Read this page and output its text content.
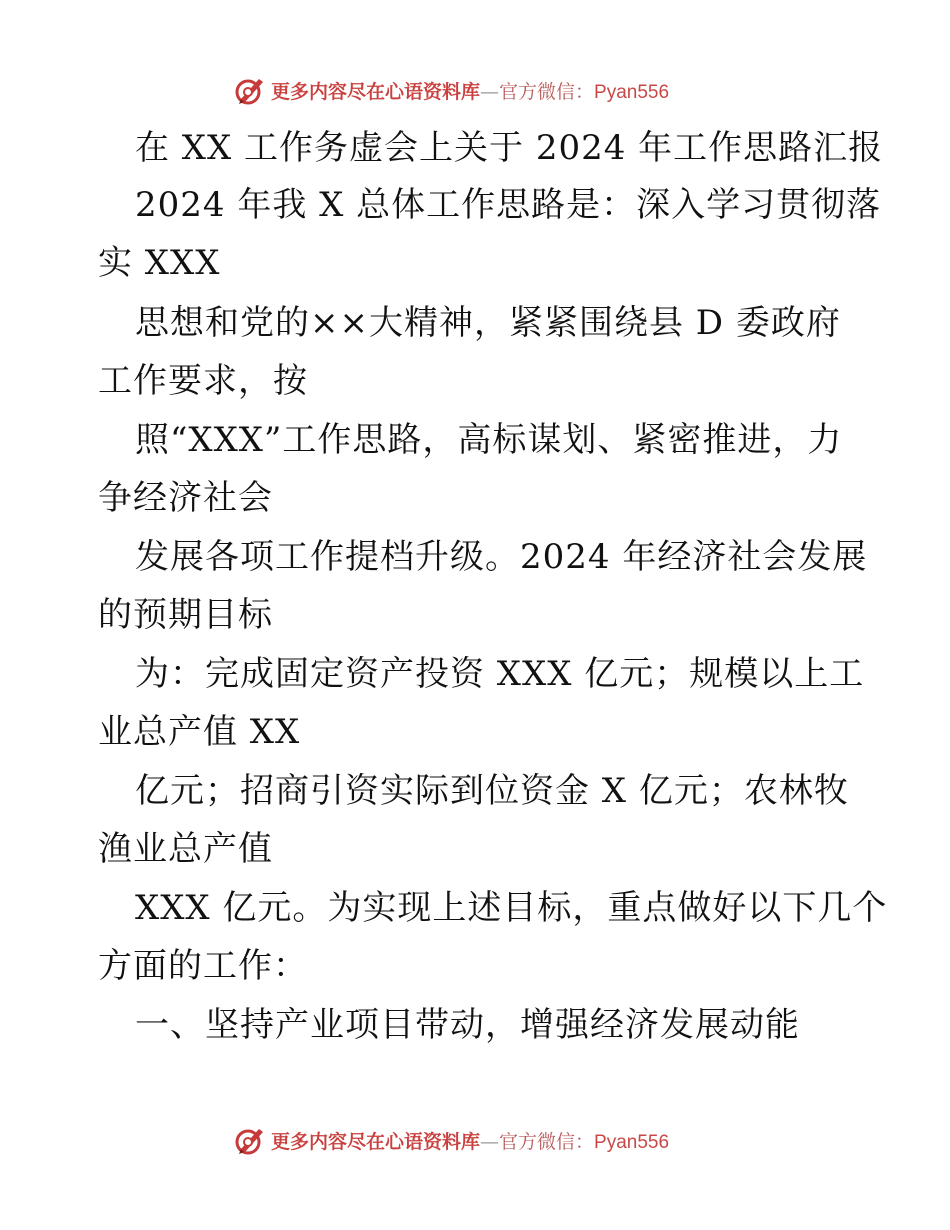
更多内容尽在心语资料库—官方微信：Pyan556
在 XX 工作务虚会上关于 2024 年工作思路汇报
2024 年我 X 总体工作思路是：深入学习贯彻落
实 XXX
思想和党的××大精神，紧紧围绕县 D 委政府
工作要求，按
照“XXX”工作思路，高标谋划、紧密推进，力
争经济社会
发展各项工作提档升级。2024 年经济社会发展
的预期目标
为：完成固定资产投资 XXX 亿元；规模以上工
业总产值 XX
亿元；招商引资实际到位资金 X 亿元；农林牧
渔业总产值
XXX 亿元。为实现上述目标，重点做好以下几个
方面的工作：
一、坚持产业项目带动，增强经济发展动能
更多内容尽在心语资料库—官方微信：Pyan556
